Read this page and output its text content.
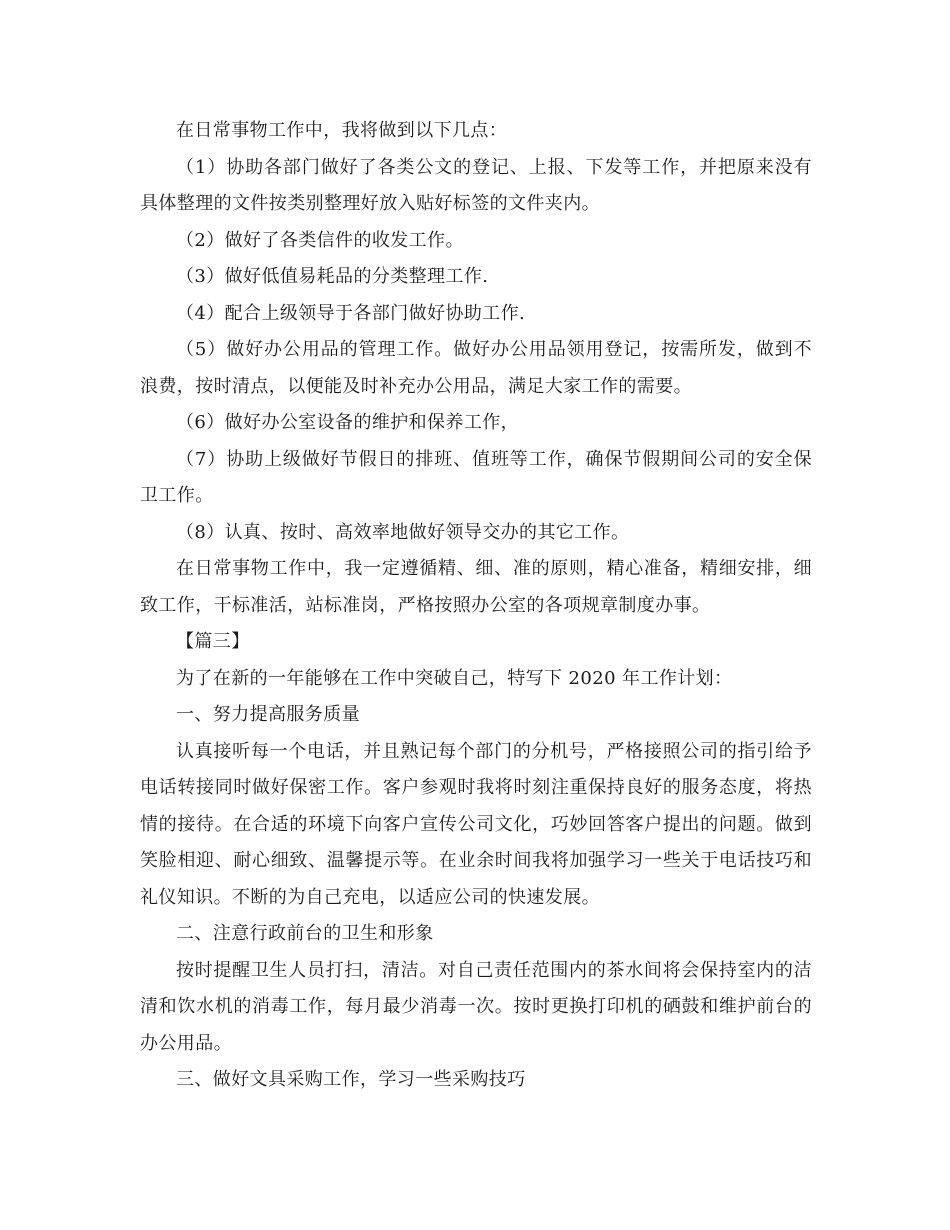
在日常事物工作中，我将做到以下几点：

（1）协助各部门做好了各类公文的登记、上报、下发等工作，并把原来没有具体整理的文件按类别整理好放入贴好标签的文件夹内。

（2）做好了各类信件的收发工作。

（3）做好低值易耗品的分类整理工作.

（4）配合上级领导于各部门做好协助工作.

（5）做好办公用品的管理工作。做好办公用品领用登记，按需所发，做到不浪费，按时清点，以便能及时补充办公用品，满足大家工作的需要。

（6）做好办公室设备的维护和保养工作，

（7）协助上级做好节假日的排班、值班等工作，确保节假期间公司的安全保卫工作。

（8）认真、按时、高效率地做好领导交办的其它工作。

在日常事物工作中，我一定遵循精、细、准的原则，精心准备，精细安排，细致工作，干标准活，站标准岗，严格按照办公室的各项规章制度办事。

【篇三】

为了在新的一年能够在工作中突破自己，特写下 2020 年工作计划：

一、努力提高服务质量

认真接听每一个电话，并且熟记每个部门的分机号，严格接照公司的指引给予电话转接同时做好保密工作。客户参观时我将时刻注重保持良好的服务态度，将热情的接待。在合适的环境下向客户宣传公司文化，巧妙回答客户提出的问题。做到笑脸相迎、耐心细致、温馨提示等。在业余时间我将加强学习一些关于电话技巧和礼仪知识。不断的为自己充电，以适应公司的快速发展。

二、注意行政前台的卫生和形象

按时提醒卫生人员打扫，清洁。对自己责任范围内的茶水间将会保持室内的洁清和饮水机的消毒工作，每月最少消毒一次。按时更换打印机的硒鼓和维护前台的办公用品。

三、做好文具采购工作，学习一些采购技巧
